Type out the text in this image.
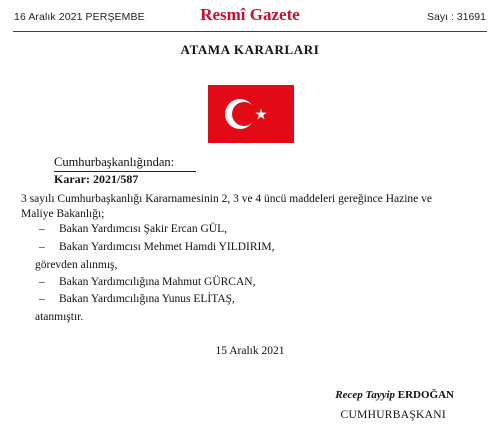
16 Aralık 2021 PERŞEMBE	Resmî Gazete	Sayı : 31691
ATAMA KARARLARI
Cumhurbaşkanlığından:
Karar: 2021/587
3 sayılı Cumhurbaşkanlığı Kararnamesinin 2, 3 ve 4 üncü maddeleri gereğince Hazine ve
Maliye Bakanlığı;
– Bakan Yardımcısı Şakir Ercan GÜL,
– Bakan Yardımcısı Mehmet Hamdi YILDIRIM,
görevden alınmış,
– Bakan Yardımcılığına Mahmut GÜRCAN,
– Bakan Yardımcılığına Yunus ELİTAŞ,
atanmıştır.
15 Aralık 2021
Recep Tayyip ERDOĞAN
CUMHURBAŞKANI
